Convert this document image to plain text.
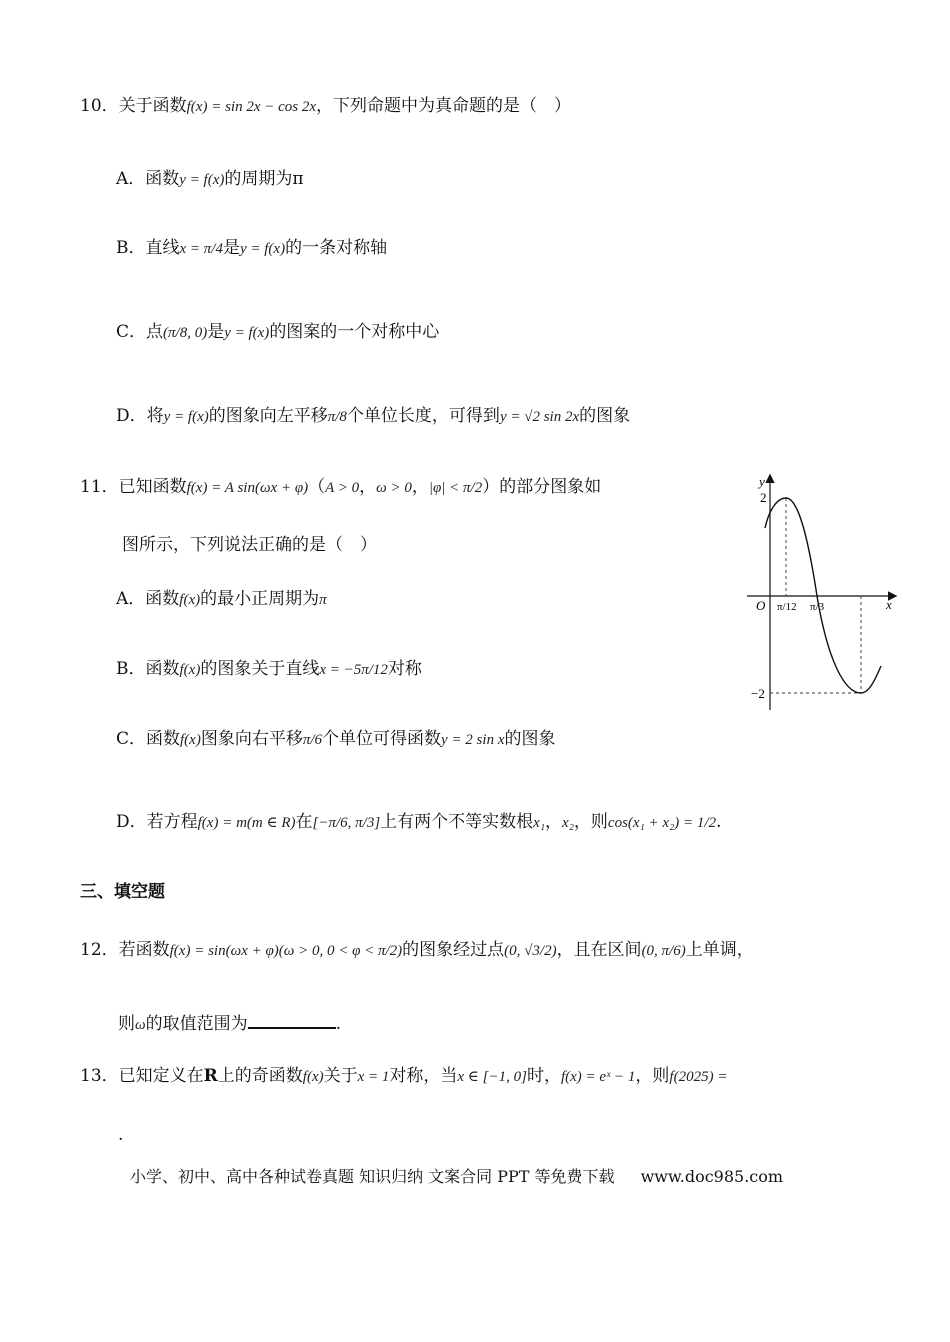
10．关于函数f(x) = sin 2x − cos 2x，下列命题中为真命题的是（　）
A．函数y = f(x)的周期为π
B．直线x = π/4是y = f(x)的一条对称轴
C．点(π/8, 0)是y = f(x)的图案的一个对称中心
D．将y = f(x)的图象向左平移π/8个单位长度，可得到y = √2 sin 2x的图象
11．已知函数f(x) = A sin(ωx + φ)（A > 0，ω > 0，|φ| < π/2）的部分图象如
图所示，下列说法正确的是（　）
A．函数f(x)的最小正周期为π
B．函数f(x)的图象关于直线x = −5π/12对称
C．函数f(x)图象向右平移π/6个单位可得函数y = 2 sin x的图象
D．若方程f(x) = m(m ∈ R)在[−π/6, π/3]上有两个不等实数根x₁，x₂，则cos(x₁ + x₂) = 1/2.
y
x
O
2
−2
π/12 π/3
三、填空题
12．若函数f(x) = sin(ωx + φ)(ω > 0, 0 < φ < π/2)的图象经过点(0, √3/2)，且在区间(0, π/6)上单调，
则ω的取值范围为	.
13．已知定义在R上的奇函数f(x)关于x = 1对称，当x ∈ [−1, 0]时，f(x) = eˣ − 1，则f(2025) =
.
小学、初中、高中各种试卷真题 知识归纳 文案合同 PPT 等免费下载 www.doc985.com
